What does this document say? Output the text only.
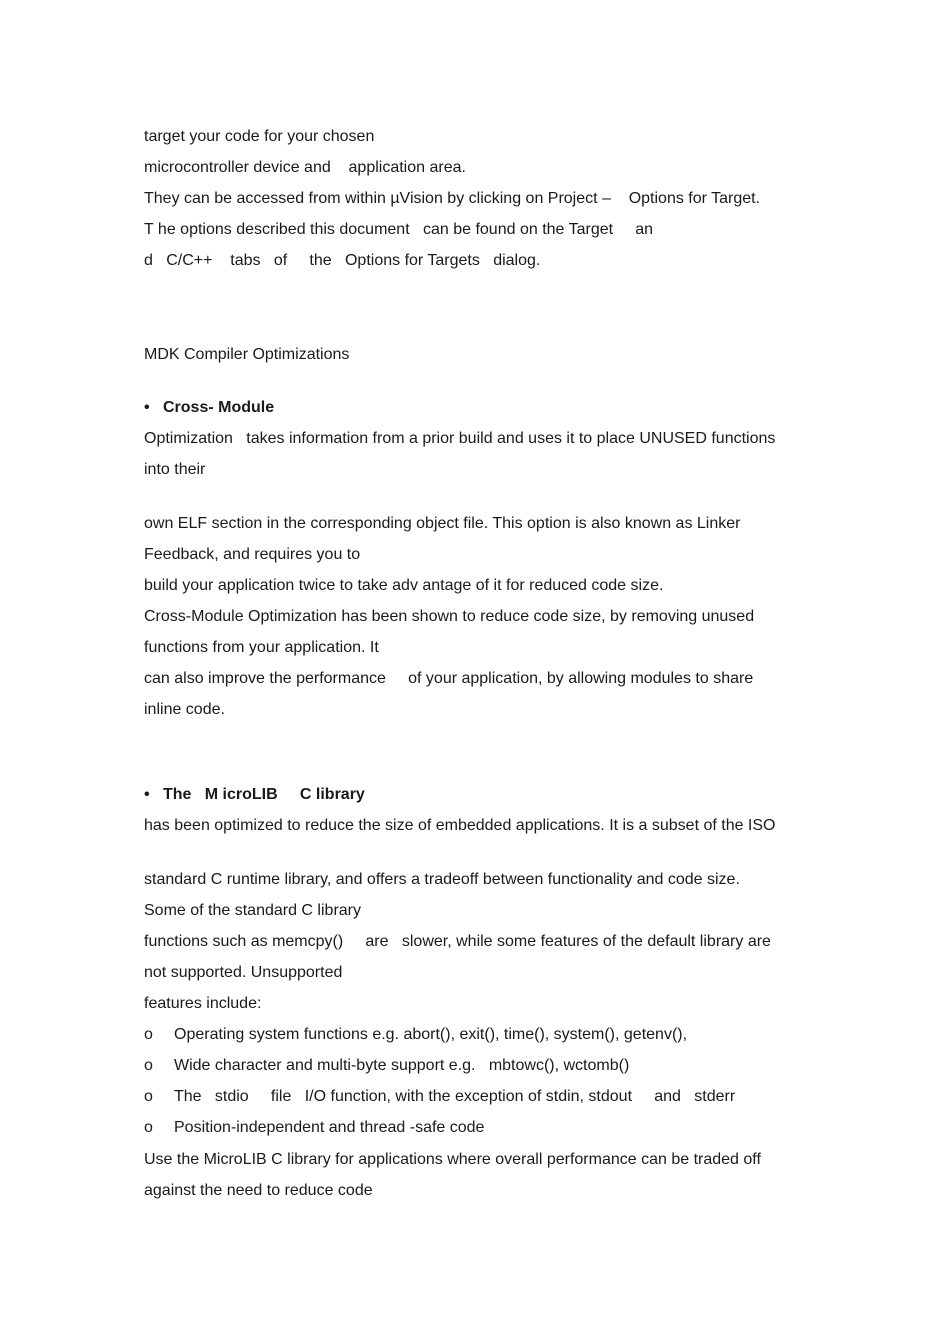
target your code for your chosen
microcontroller device and    application area.
They can be accessed from within µVision by clicking on Project –    Options for Target.
T he options described this document   can be found on the Target     an
d   C/C++    tabs   of     the   Options for Targets   dialog.
MDK Compiler Optimizations
• Cross- Module
Optimization   takes information from a prior build and uses it to place UNUSED functions
into their
own ELF section in the corresponding object file. This option is also known as Linker
Feedback, and requires you to
build your application twice to take adv antage of it for reduced code size.
Cross-Module Optimization has been shown to reduce code size, by removing unused
functions from your application. It
can also improve the performance     of your application, by allowing modules to share
inline code.
• The   M icroLIB     C library
has been optimized to reduce the size of embedded applications. It is a subset of the ISO
standard C runtime library, and offers a tradeoff between functionality and code size.
Some of the standard C library
functions such as memcpy()     are   slower, while some features of the default library are
not supported. Unsupported
features include:
o Operating system functions e.g. abort(), exit(), time(), system(), getenv(),
o Wide character and multi-byte support e.g.   mbtowc(), wctomb()
o The   stdio     file   I/O function, with the exception of stdin, stdout     and   stderr
o Position-independent and thread -safe code
Use the MicroLIB C library for applications where overall performance can be traded off
against the need to reduce code
